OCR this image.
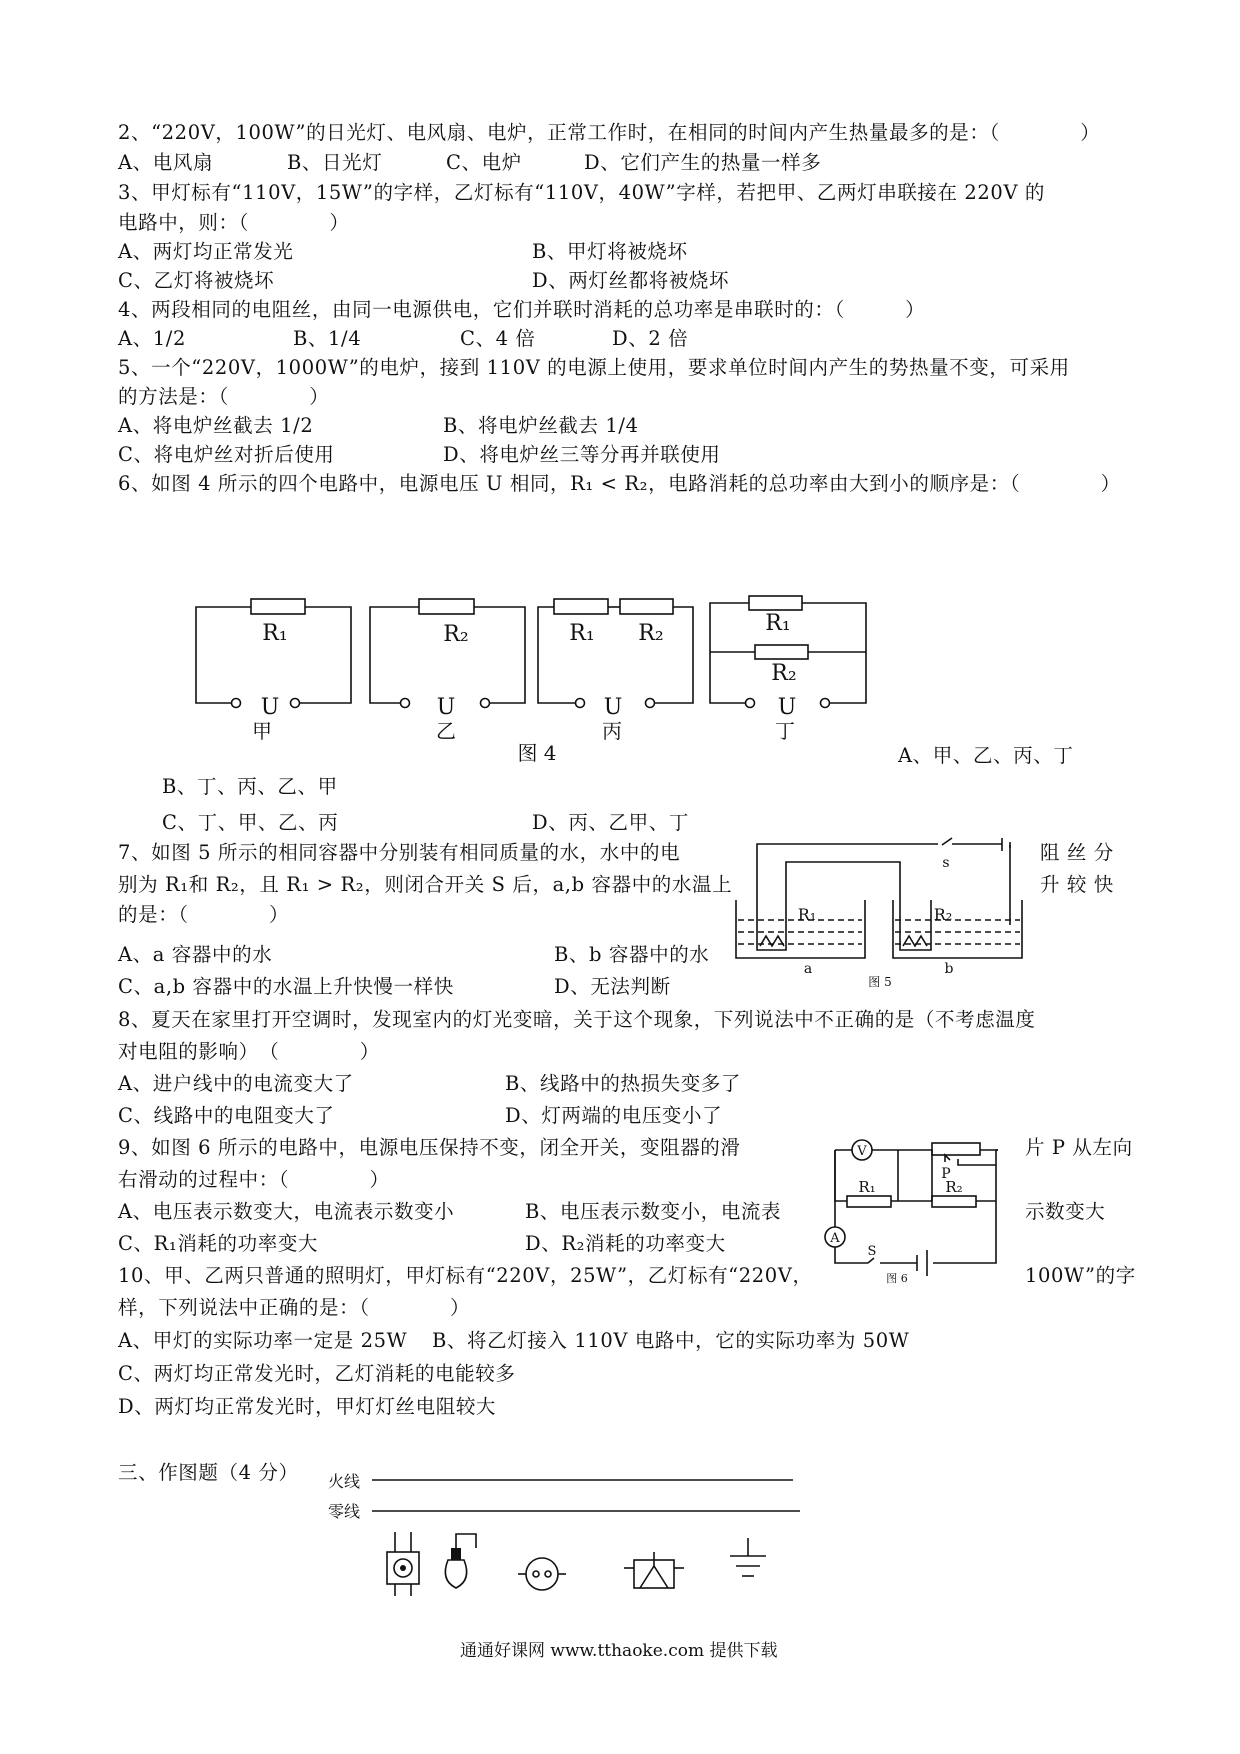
2、“220V，100W”的日光灯、电风扇、电炉，正常工作时，在相同的时间内产生热量最多的是：（　　　　）
A、电风扇	B、日光灯	C、电炉	D、它们产生的热量一样多
3、甲灯标有“110V，15W”的字样，乙灯标有“110V，40W”字样，若把甲、乙两灯串联接在 220V 的
电路中，则：（　　　　）
A、两灯均正常发光	B、甲灯将被烧坏
C、乙灯将被烧坏	D、两灯丝都将被烧坏
4、两段相同的电阻丝，由同一电源供电，它们并联时消耗的总功率是串联时的：（　　　）
A、1/2	B、1/4	C、4 倍	D、2 倍
5、一个“220V，1000W”的电炉，接到 110V 的电源上使用，要求单位时间内产生的势热量不变，可采用
的方法是：（　　　　）
A、将电炉丝截去 1/2	B、将电炉丝截去 1/4
C、将电炉丝对折后使用	D、将电炉丝三等分再并联使用
6、如图 4 所示的四个电路中，电源电压 U 相同，R₁ < R₂，电路消耗的总功率由大到小的顺序是：（　　　　）
R₁
U
甲
R₂
U
乙
R₁ R₂
U
丙
R₁
R₂
U
丁
图 4
s
R₁	R₂
a	b
图 5
V
A
P
R₁	R₂
S
图 6
火线
零线
A、甲、乙、丙、丁
B、丁、丙、乙、甲
C、丁、甲、乙、丙	D、丙、乙甲、丁
7、如图 5 所示的相同容器中分别装有相同质量的水，水中的电	阻 丝 分
别为 R₁和 R₂，且 R₁ > R₂，则闭合开关 S 后，a,b 容器中的水温上	升 较 快
的是：（　　　　）
A、a 容器中的水	B、b 容器中的水
C、a,b 容器中的水温上升快慢一样快	D、无法判断
8、夏天在家里打开空调时，发现室内的灯光变暗，关于这个现象，下列说法中不正确的是（不考虑温度
对电阻的影响）　（　　　　）
A、进户线中的电流变大了	B、线路中的热损失变多了
C、线路中的电阻变大了	D、灯两端的电压变小了
9、如图 6 所示的电路中，电源电压保持不变，闭全开关，变阻器的滑	片 P 从左向
右滑动的过程中：（　　　　）
A、电压表示数变大，电流表示数变小	B、电压表示数变小，电流表	示数变大
C、R₁消耗的功率变大	D、R₂消耗的功率变大
10、甲、乙两只普通的照明灯，甲灯标有“220V，25W”，乙灯标有“220V，	100W”的字
样，下列说法中正确的是：（　　　　）
A、甲灯的实际功率一定是 25W B、将乙灯接入 110V 电路中，它的实际功率为 50W
C、两灯均正常发光时，乙灯消耗的电能较多
D、两灯均正常发光时，甲灯灯丝电阻较大
三、作图题（4 分）
通通好课网 www.tthaoke.com 提供下载
